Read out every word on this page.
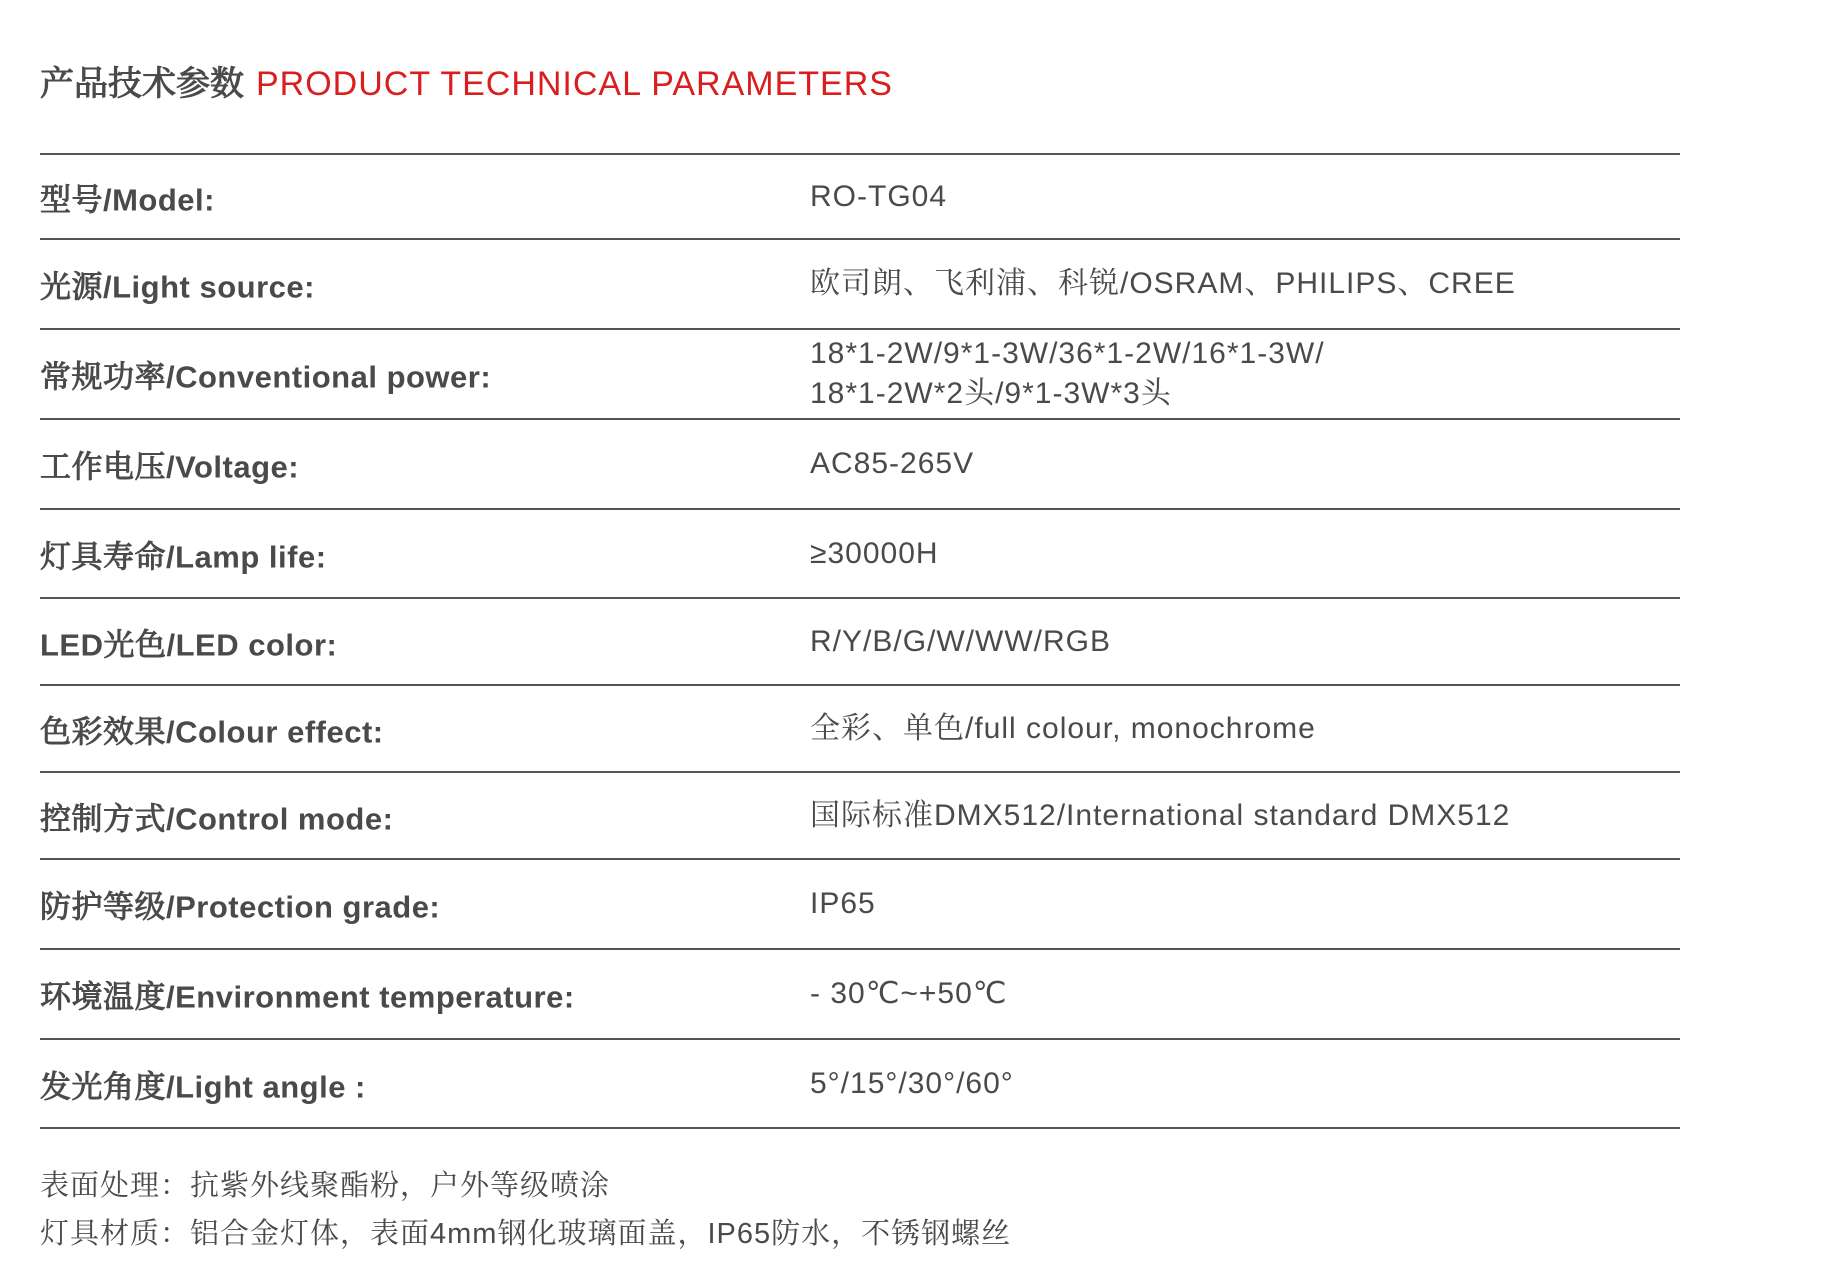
产品技术参数 PRODUCT TECHNICAL PARAMETERS
型号/Model:	RO-TG04
光源/Light source:	欧司朗、飞利浦、科锐/OSRAM、PHILIPS、CREE
常规功率/Conventional power:
18*1-2W/9*1-3W/36*1-2W/16*1-3W/
18*1-2W*2头/9*1-3W*3头
工作电压/Voltage:	AC85-265V
灯具寿命/Lamp life:	≥30000H
LED光色/LED color:	R/Y/B/G/W/WW/RGB
色彩效果/Colour effect:	全彩、单色/full colour, monochrome
控制方式/Control mode:	国际标准DMX512/International standard DMX512
防护等级/Protection grade:	IP65
环境温度/Environment temperature:	- 30℃~+50℃
发光角度/Light angle :	5°/15°/30°/60°
表面处理：抗紫外线聚酯粉，户外等级喷涂
灯具材质：铝合金灯体，表面4mm钢化玻璃面盖，IP65防水，不锈钢螺丝
